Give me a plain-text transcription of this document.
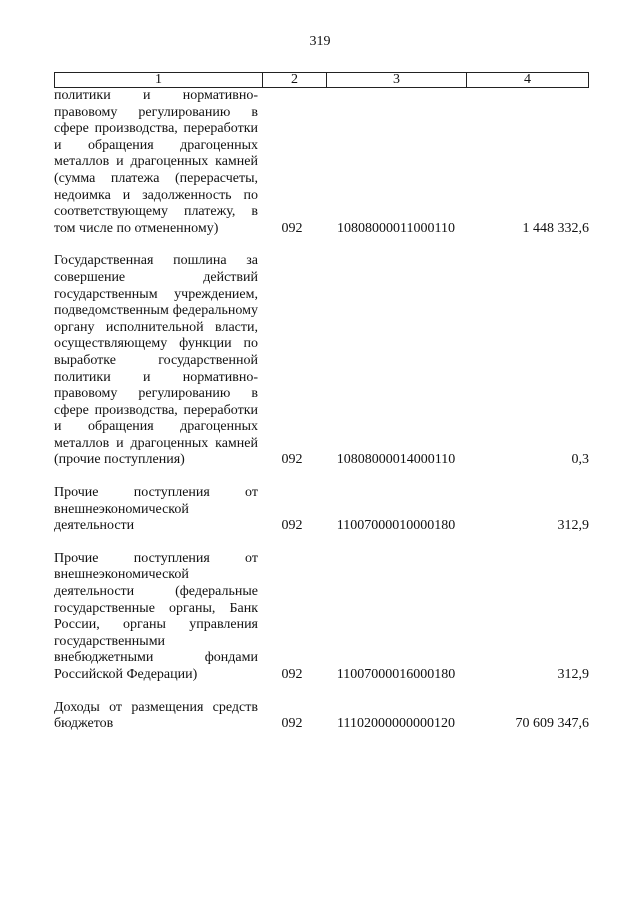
319
1	2	3	4
политики и нормативно-правовому регулированию в сфере производства, переработки и обращения драгоценных металлов и драгоценных камней (сумма платежа (перерасчеты, недоимка и задолженность по соответствующему платежу, в том числе по отмененному)	092	10808000011000110	1 448 332,6
Государственная пошлина за совершение действий государственным учреждением, подведомственным федеральному органу исполнительной власти, осуществляющему функции по выработке государственной политики и нормативно-правовому регулированию в сфере производства, переработки и обращения драгоценных металлов и драгоценных камней (прочие поступления)	092	10808000014000110	0,3
Прочие поступления от внешнеэкономической деятельности	092	11007000010000180	312,9
Прочие поступления от внешнеэкономической деятельности (федеральные государственные органы, Банк России, органы управления государственными внебюджетными фондами Российской Федерации)	092	11007000016000180	312,9
Доходы от размещения средств бюджетов	092	11102000000000120	70 609 347,6
